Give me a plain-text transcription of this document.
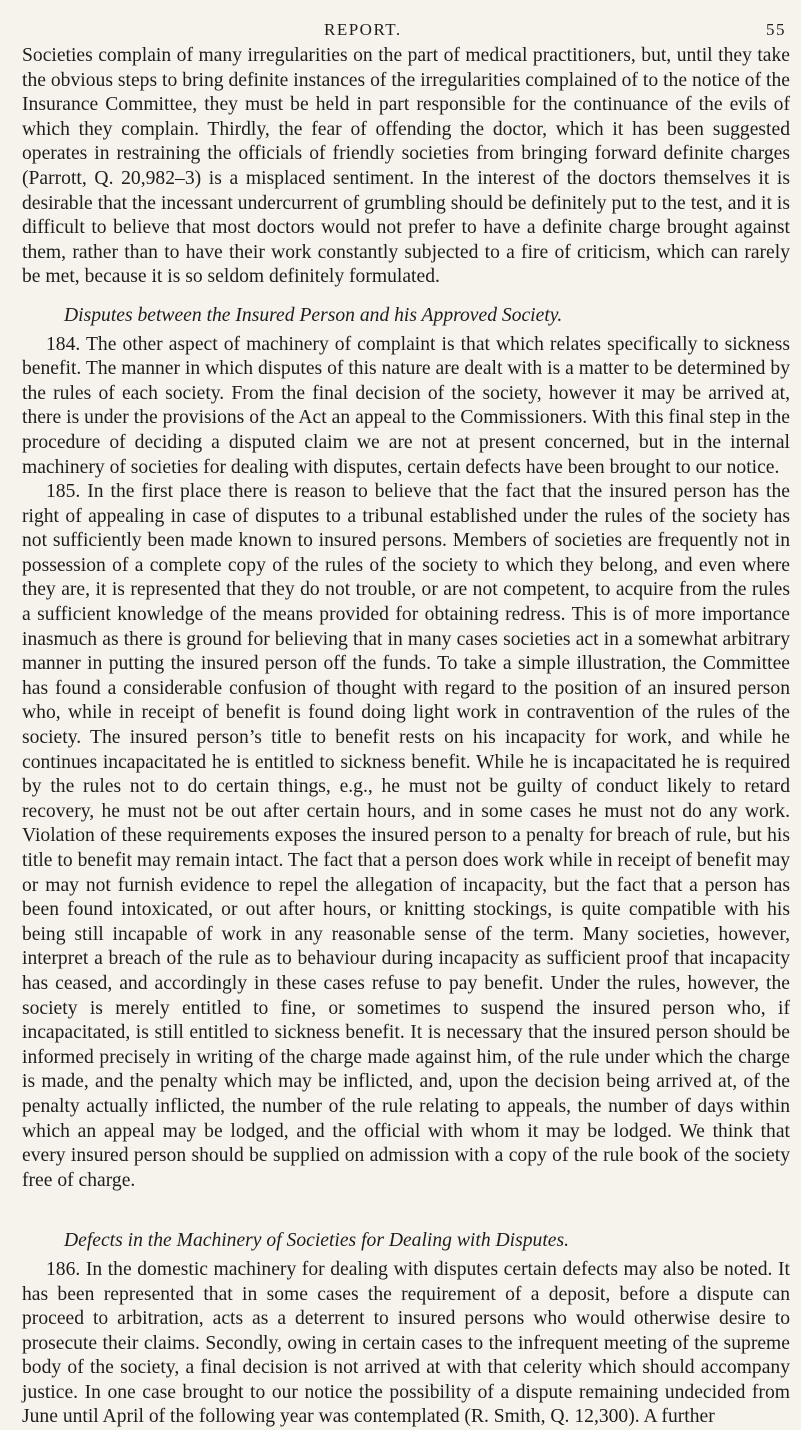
REPORT.	55

Societies complain of many irregularities on the part of medical practitioners, but, until they take the obvious steps to bring definite instances of the irregularities complained of to the notice of the Insurance Committee, they must be held in part responsible for the continuance of the evils of which they complain. Thirdly, the fear of offending the doctor, which it has been suggested operates in restraining the officials of friendly societies from bringing forward definite charges (Parrott, Q. 20,982–3) is a misplaced sentiment. In the interest of the doctors themselves it is desirable that the incessant undercurrent of grumbling should be definitely put to the test, and it is difficult to believe that most doctors would not prefer to have a definite charge brought against them, rather than to have their work constantly subjected to a fire of criticism, which can rarely be met, because it is so seldom definitely formulated.

Disputes between the Insured Person and his Approved Society.

184. The other aspect of machinery of complaint is that which relates specifically to sickness benefit. The manner in which disputes of this nature are dealt with is a matter to be determined by the rules of each society. From the final decision of the society, however it may be arrived at, there is under the provisions of the Act an appeal to the Commissioners. With this final step in the procedure of deciding a disputed claim we are not at present concerned, but in the internal machinery of societies for dealing with disputes, certain defects have been brought to our notice.

185. In the first place there is reason to believe that the fact that the insured person has the right of appealing in case of disputes to a tribunal established under the rules of the society has not sufficiently been made known to insured persons. Members of societies are frequently not in possession of a complete copy of the rules of the society to which they belong, and even where they are, it is represented that they do not trouble, or are not competent, to acquire from the rules a sufficient knowledge of the means provided for obtaining redress. This is of more importance inasmuch as there is ground for believing that in many cases societies act in a somewhat arbitrary manner in putting the insured person off the funds. To take a simple illustration, the Committee has found a considerable confusion of thought with regard to the position of an insured person who, while in receipt of benefit is found doing light work in contravention of the rules of the society. The insured person’s title to benefit rests on his incapacity for work, and while he continues incapacitated he is entitled to sickness benefit. While he is incapacitated he is required by the rules not to do certain things, e.g., he must not be guilty of conduct likely to retard recovery, he must not be out after certain hours, and in some cases he must not do any work. Violation of these requirements exposes the insured person to a penalty for breach of rule, but his title to benefit may remain intact. The fact that a person does work while in receipt of benefit may or may not furnish evidence to repel the allegation of incapacity, but the fact that a person has been found intoxicated, or out after hours, or knitting stockings, is quite compatible with his being still incapable of work in any reasonable sense of the term. Many societies, however, interpret a breach of the rule as to behaviour during incapacity as sufficient proof that incapacity has ceased, and accordingly in these cases refuse to pay benefit. Under the rules, however, the society is merely entitled to fine, or sometimes to suspend the insured person who, if incapacitated, is still entitled to sickness benefit. It is necessary that the insured person should be informed precisely in writing of the charge made against him, of the rule under which the charge is made, and the penalty which may be inflicted, and, upon the decision being arrived at, of the penalty actually inflicted, the number of the rule relating to appeals, the number of days within which an appeal may be lodged, and the official with whom it may be lodged. We think that every insured person should be supplied on admission with a copy of the rule book of the society free of charge.

Defects in the Machinery of Societies for Dealing with Disputes.

186. In the domestic machinery for dealing with disputes certain defects may also be noted. It has been represented that in some cases the requirement of a deposit, before a dispute can proceed to arbitration, acts as a deterrent to insured persons who would otherwise desire to prosecute their claims. Secondly, owing in certain cases to the infrequent meeting of the supreme body of the society, a final decision is not arrived at with that celerity which should accompany justice. In one case brought to our notice the possibility of a dispute remaining undecided from June until April of the following year was contemplated (R. Smith, Q. 12,300). A further
